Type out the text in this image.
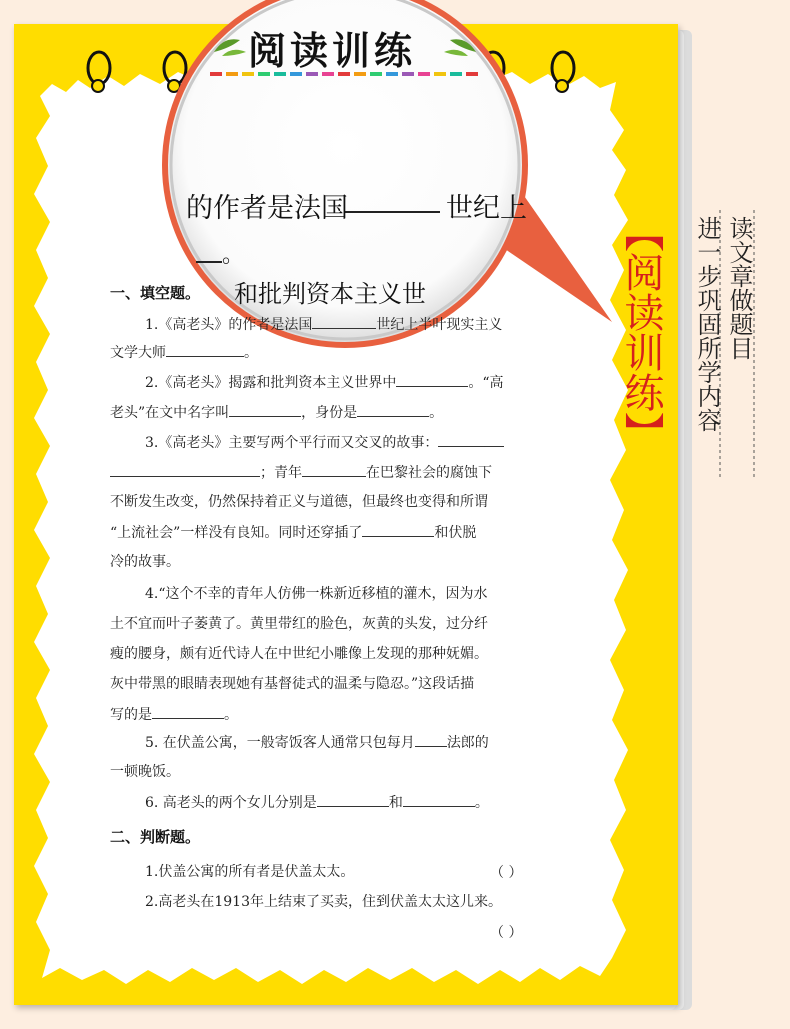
阅读训练
的作者是法国	世纪上
。
和批判资本主义世	【阅读训练】	读文章做题目
进一步巩固所学内容
一、填空题。
1.《高老头》的作者是法国	世纪上半叶现实主义
文学大师	。
2.《高老头》揭露和批判资本主义世界中	。“高
老头”在文中名字叫	，身份是	。
3.《高老头》主要写两个平行而又交叉的故事：
；青年	在巴黎社会的腐蚀下
不断发生改变，仍然保持着正义与道德，但最终也变得和所谓
“上流社会”一样没有良知。同时还穿插了	和伏脱
冷的故事。
4.“这个不幸的青年人仿佛一株新近移植的灌木，因为水
土不宜而叶子萎黄了。黄里带红的脸色，灰黄的头发，过分纤
瘦的腰身，颇有近代诗人在中世纪小雕像上发现的那种妩媚。
灰中带黑的眼睛表现她有基督徒式的温柔与隐忍。”这段话描
写的是	。
5. 在伏盖公寓，一般寄饭客人通常只包每月 法郎的
一顿晚饭。
6. 高老头的两个女儿分别是	和	。
二、判断题。
1.伏盖公寓的所有者是伏盖太太。	（ ）
2.高老头在1913年上结束了买卖，住到伏盖太太这儿来。
（ ）
